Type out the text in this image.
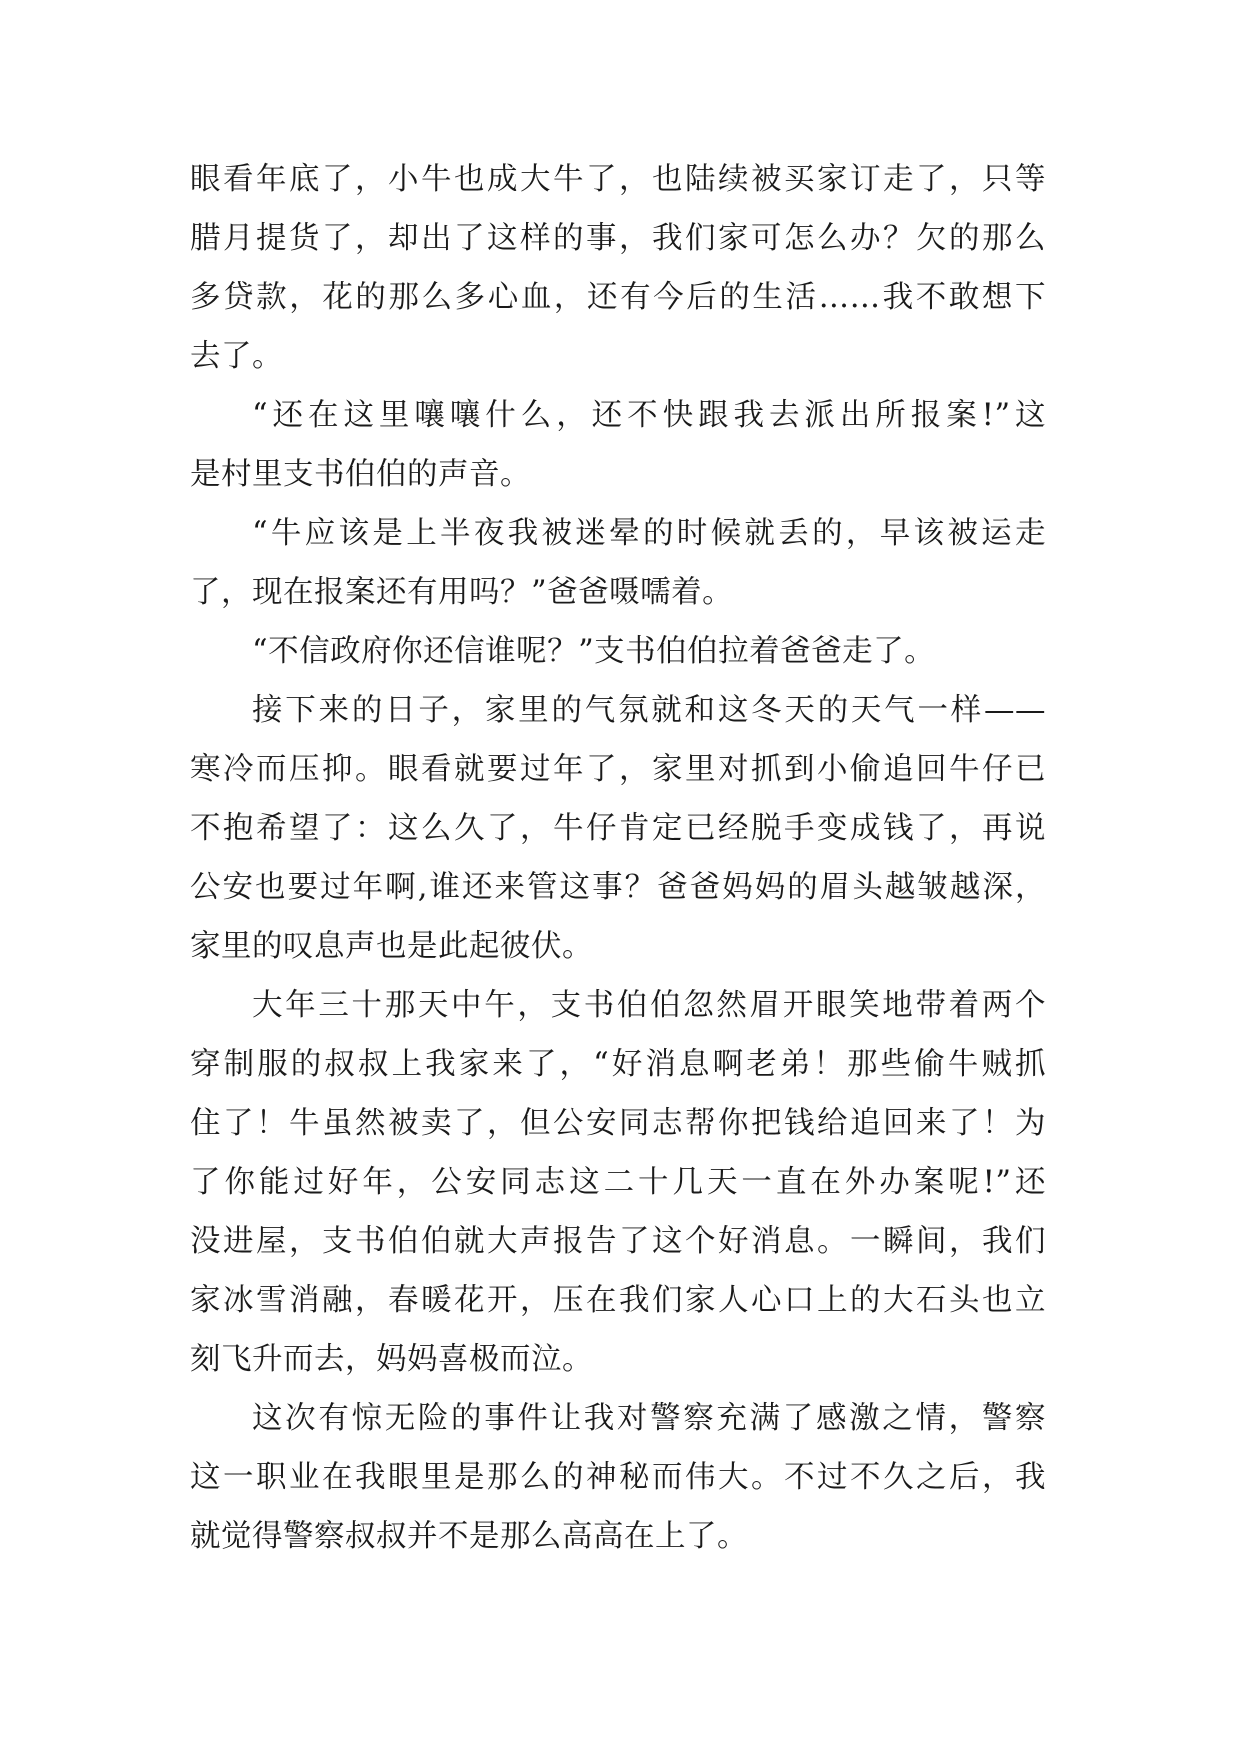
眼看年底了，小牛也成大牛了，也陆续被买家订走了，只等
腊月提货了，却出了这样的事，我们家可怎么办？欠的那么
多贷款，花的那么多心血，还有今后的生活……我不敢想下
去了。
“还在这里嚷嚷什么，还不快跟我去派出所报案!”这
是村里支书伯伯的声音。
“牛应该是上半夜我被迷晕的时候就丢的，早该被运走
了，现在报案还有用吗？”爸爸嗫嚅着。
“不信政府你还信谁呢？”支书伯伯拉着爸爸走了。
接下来的日子，家里的气氛就和这冬天的天气一样——
寒冷而压抑。眼看就要过年了，家里对抓到小偷追回牛仔已
不抱希望了：这么久了，牛仔肯定已经脱手变成钱了，再说
公安也要过年啊,谁还来管这事？爸爸妈妈的眉头越皱越深，
家里的叹息声也是此起彼伏。
大年三十那天中午，支书伯伯忽然眉开眼笑地带着两个
穿制服的叔叔上我家来了，“好消息啊老弟！那些偷牛贼抓
住了！牛虽然被卖了，但公安同志帮你把钱给追回来了！为
了你能过好年，公安同志这二十几天一直在外办案呢!”还
没进屋，支书伯伯就大声报告了这个好消息。一瞬间，我们
家冰雪消融，春暖花开，压在我们家人心口上的大石头也立
刻飞升而去，妈妈喜极而泣。
这次有惊无险的事件让我对警察充满了感激之情，警察
这一职业在我眼里是那么的神秘而伟大。不过不久之后，我
就觉得警察叔叔并不是那么高高在上了。
